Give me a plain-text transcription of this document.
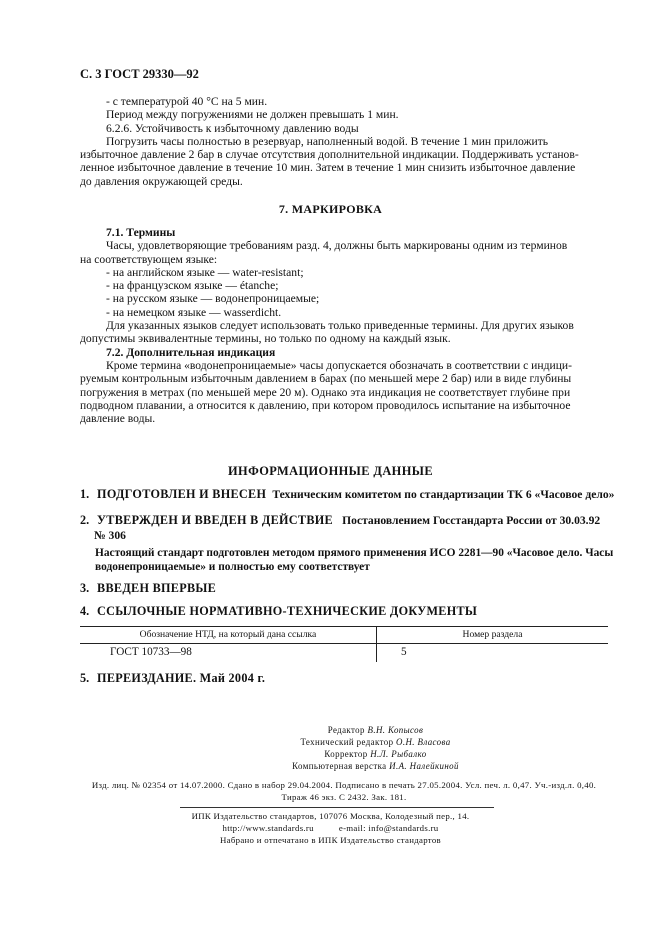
С. 3 ГОСТ 29330—92
- с температурой 40 °С на 5 мин.
Период между погружениями не должен превышать 1 мин.
6.2.6. Устойчивость к избыточному давлению воды
Погрузить часы полностью в резервуар, наполненный водой. В течение 1 мин приложить
избыточное давление 2 бар в случае отсутствия дополнительной индикации. Поддерживать установ-
ленное избыточное давление в течение 10 мин. Затем в течение 1 мин снизить избыточное давление
до давления окружающей среды.
7. МАРКИРОВКА
7.1. Термины
Часы, удовлетворяющие требованиям разд. 4, должны быть маркированы одним из терминов
на соответствующем языке:
- на английском языке — water-resistant;
- на французском языке — étanche;
- на русском языке — водонепроницаемые;
- на немецком языке — wasserdicht.
Для указанных языков следует использовать только приведенные термины. Для других языков
допустимы эквивалентные термины, но только по одному на каждый язык.
7.2. Дополнительная индикация
Кроме термина «водонепроницаемые» часы допускается обозначать в соответствии с индици-
руемым контрольным избыточным давлением в барах (по меньшей мере 2 бар) или в виде глубины
погружения в метрах (по меньшей мере 20 м). Однако эта индикация не соответствует глубине при
подводном плавании, а относится к давлению, при котором проводилось испытание на избыточное
давление воды.
ИНФОРМАЦИОННЫЕ ДАННЫЕ
1. ПОДГОТОВЛЕН И ВНЕСЕН Техническим комитетом по стандартизации ТК 6 «Часовое дело»
2. УТВЕРЖДЕН И ВВЕДЕН В ДЕЙСТВИЕ Постановлением Госстандарта России от 30.03.92
№ 306
Настоящий стандарт подготовлен методом прямого применения ИСО 2281—90 «Часовое дело. Часы
водонепроницаемые» и полностью ему соответствует
3. ВВЕДЕН ВПЕРВЫЕ
4. ССЫЛОЧНЫЕ НОРМАТИВНО-ТЕХНИЧЕСКИЕ ДОКУМЕНТЫ
Обозначение НТД, на который дана ссылка	Номер раздела
ГОСТ 10733—98	5
5. ПЕРЕИЗДАНИЕ. Май 2004 г.
Редактор В.Н. Копысов
Технический редактор О.Н. Власова
Корректор Н.Л. Рыбалко
Компьютерная верстка И.А. Налейкиной
Изд. лиц. № 02354 от 14.07.2000. Сдано в набор 29.04.2004. Подписано в печать 27.05.2004. Усл. печ. л. 0,47. Уч.-изд.л. 0,40.
Тираж 46 экз. С 2432. Зак. 181.
ИПК Издательство стандартов, 107076 Москва, Колодезный пер., 14.
http://www.standards.ru	e-mail: info@standards.ru
Набрано и отпечатано в ИПК Издательство стандартов
